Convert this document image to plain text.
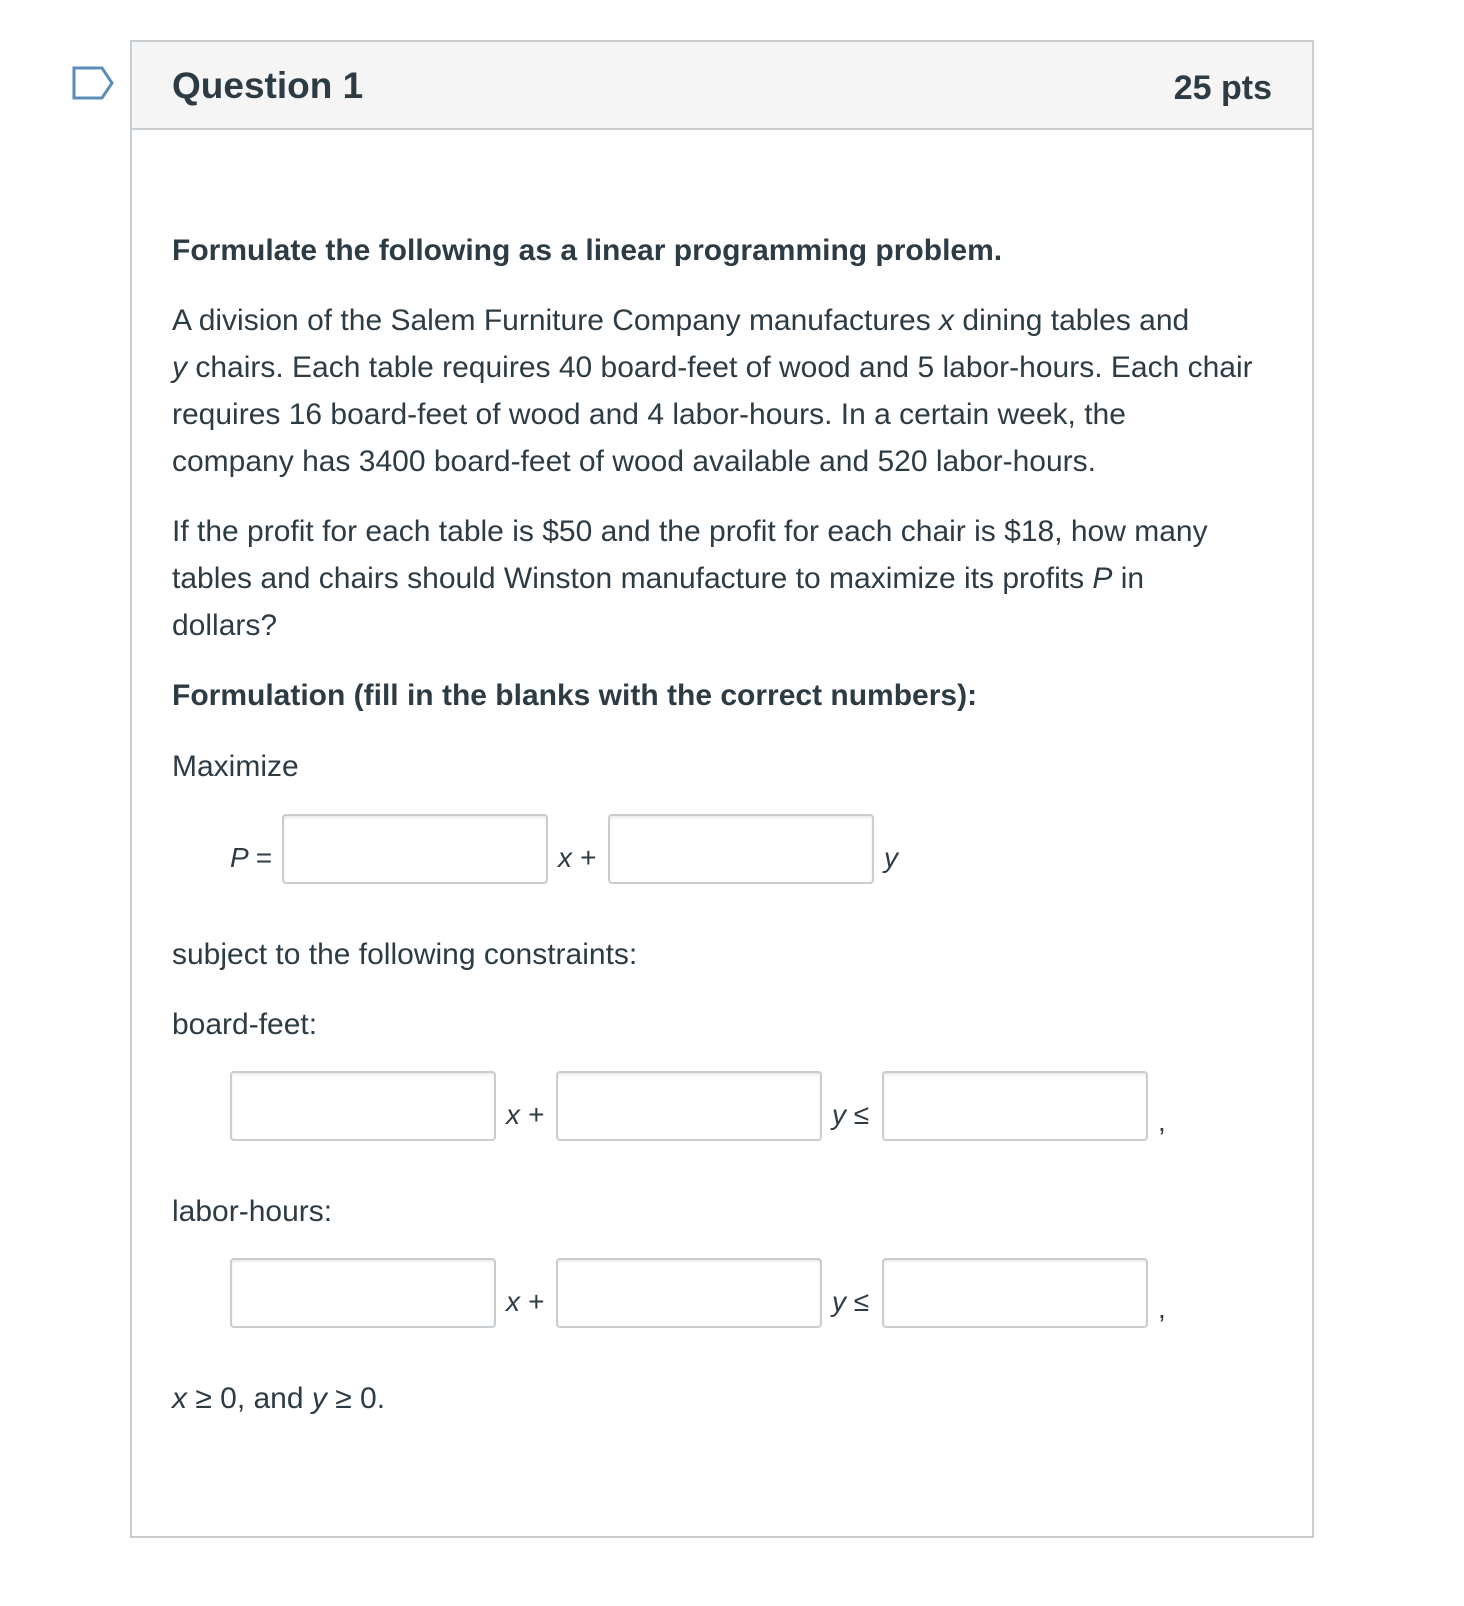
Question 1	25 pts
Formulate the following as a linear programming problem.
A division of the Salem Furniture Company manufactures x dining tables and
y chairs. Each table requires 40 board-feet of wood and 5 labor-hours. Each chair
requires 16 board-feet of wood and 4 labor-hours. In a certain week, the
company has 3400 board-feet of wood available and 520 labor-hours.
If the profit for each table is $50 and the profit for each chair is $18, how many
tables and chairs should Winston manufacture to maximize its profits P in
dollars?
Formulation (fill in the blanks with the correct numbers):
Maximize
P =	x +	y
subject to the following constraints:
board-feet:
x +	y ≤	,
labor-hours:
x +	y ≤	,
x ≥ 0, and y ≥ 0.
